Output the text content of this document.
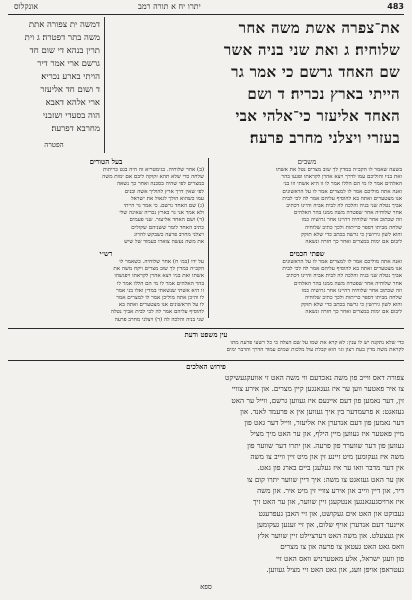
483
יתרו יח א תורה רמב
אונקלוס
את־צפרה אשת משה אחר
שלוחיה׃ ג ואת שני בניה אשר
שם האחד גרשם כי אמר גר
הייתי בארץ נכריה׃ ד ושם
האחד אליעזר כי־אלהי אבי
בעזרי ויצלני מחרב פרעה׃
דמשה ית צפורה אתת
משה בתר דפטרה׃ ג וית
תרין בנהא די שום חד
גרשם ארי אמר דיר
הויתי בארע נכריא׃
ד ושום חד אליעזר
ארי אלהא דאבא
הוה בסעדי ושזבני
מחרבא דפרעה׃
הפטרה
בעל הטורים
(ב) אחר שלוחיה. בגימטריא זה היה בגט כריתות
שלחה כדי שלא תהא זקוקה ליבם אם ימות משה
במצרים לפי שהיה בסכנה ואחר כך נשאה
לפי שאין דרך ארץ להוליך אשה ובנים
עמו כשהוא הולך לגאול את ישראל
(ג) שם האחד גרשם. כי אמר גר הייתי
ולא אמר אני גר בארץ נכריה שאינה שלי
(ד) ושם האחד אליעזר. שני פעמים
כתיב האחד לומר ששניהם שקולים
ויצלני מחרב פרעה כשבקש להרוג
את משה נעשה צוארו כעמוד של שיש
משבים
בשעה שאמר לו הקב״ה במדין לך שוב מצרים נטל את אשתו
ואת בניו והוליכם עמו לדרך ויצא אהרן לקראתו ופגעו בהר
האלהים אמר לו מי הם הללו אמר לו זו היא אשתי וזו בני
ואנה אתה מוליכם אמר לו למצרים אמר לו על הראשונים
אנו מצטערים ואתה בא להוסיף עליהם אמר לה לכי לבית
אביך נטלה שני בניה והלכה לה לבית אביה והיינו דכתיב
אחר שלוחיה אחר שפטרה משה ממנו בהר האלהים
וזה שכתוב אחר שלוחיה דהיינו אחר גרושיה כמו
שלחה מביתו דספר כריתות ולכך כתיב שלוחיה
והוא לשון גירושין כי גרשה בכתב כדי שלא תזקק
ליבום אם ימות במצרים ואחר כך חזרה ונשאה
שפתי חכמים
רש״י
על ידו (במ׳ ח) אחר שלוחיה. כשאמר לו
הקב״ה במדין לך שוב מצרים ויקח משה את
אשתו ואת בניו ויצא אהרן לקראתו ויפגשהו
בהר האלהים אמר לו מי הם הללו אמר לו
זו היא אשתי שנשאתי במדין ואלו בני אמר
לו והיכן אתה מוליכן אמר לו למצרים אמר
לו על הראשונים אנו מצטערים ואתה בא
להוסיף עליהם אמר לה לכי לבית אביך נטלה
שני בניה והלכה לה (ד) ויצלני מחרב פרעה
ואנה אתה מוליכם אמר לו למצרים אמר לו על הראשונים
אנו מצטערים ואתה בא להוסיף עליהם אמר לה לכי לבית
אביך נטלה שני בניה והלכה לה לבית אביה והיינו דכתיב
אחר שלוחיה אחר שפטרה משה ממנו בהר האלהים
וזה שכתוב אחר שלוחיה דהיינו אחר גרושיה כמו
שלחה מביתו דספר כריתות ולכך כתיב שלוחיה
והוא לשון גירושין כי גרשה בכתב כדי שלא תזקק
ליבום אם ימות במצרים ואחר כך חזרה ונשאה
עין משפט ודעת
כדי שלא נתקנה יש לו ענין: לא קרא את שמו על שם הצלה כי כל רשעי פרעה מתו
לקראת משה מדין בעת רצון וגו׳ הוא קבלת עול מלכות שמים עמוד הדרך והדבר ימים
פירוש האלכים
צפורה דאס ווייב פון משה נאכדעם ווי משה האט זי אוועקגעשיקט
צו איר פאטער ווען ער איז געגאנגען קיין מצרים. און אירע צוויי
זין, דער נאמען פון דעם איינעם איז געווען גרשם, ווייל ער האט
געזאגט: א פרעמדער בין איך געווען אין א פרעמד לאנד. און
דער נאמען פון דעם אנדערן איז אליעזר, ווייל דער גאט פון
מיין פאטער איז געווען מיין הילף, און ער האט מיך מציל
געווען פון דער שווערד פון פרעה. און יתרו דער שווער פון
משה איז געקומען מיט זיינע זין און מיט זיין ווייב צו משה
אין דער מדבר וואו ער איז געלעגן ביים בארג פון גאט.
און ער האט געזאגט צו משה: איך דיין שווער יתרו קום צו
דיר, און דיין ווייב און אירע צוויי זין מיט איר. און משה
איז ארויסגעגאנגען אנטקעגן זיין שווער, און ער האט זיך
געבוקט און האט אים געקושט, און זיי האבן געפרעגט
איינער דעם אנדערן אויף שלום, און זיי זענען געקומען
אין געצעלט. און משה האט דערציילט זיין שווער אלץ
וואס גאט האט געטאן צו פרעה און צו מצרים
פון וועגן ישראל, אלע מאטערניש וואס האט זיי
געטראפן אויפן וועג, און גאט האט זיי מציל געווען.
ספא
